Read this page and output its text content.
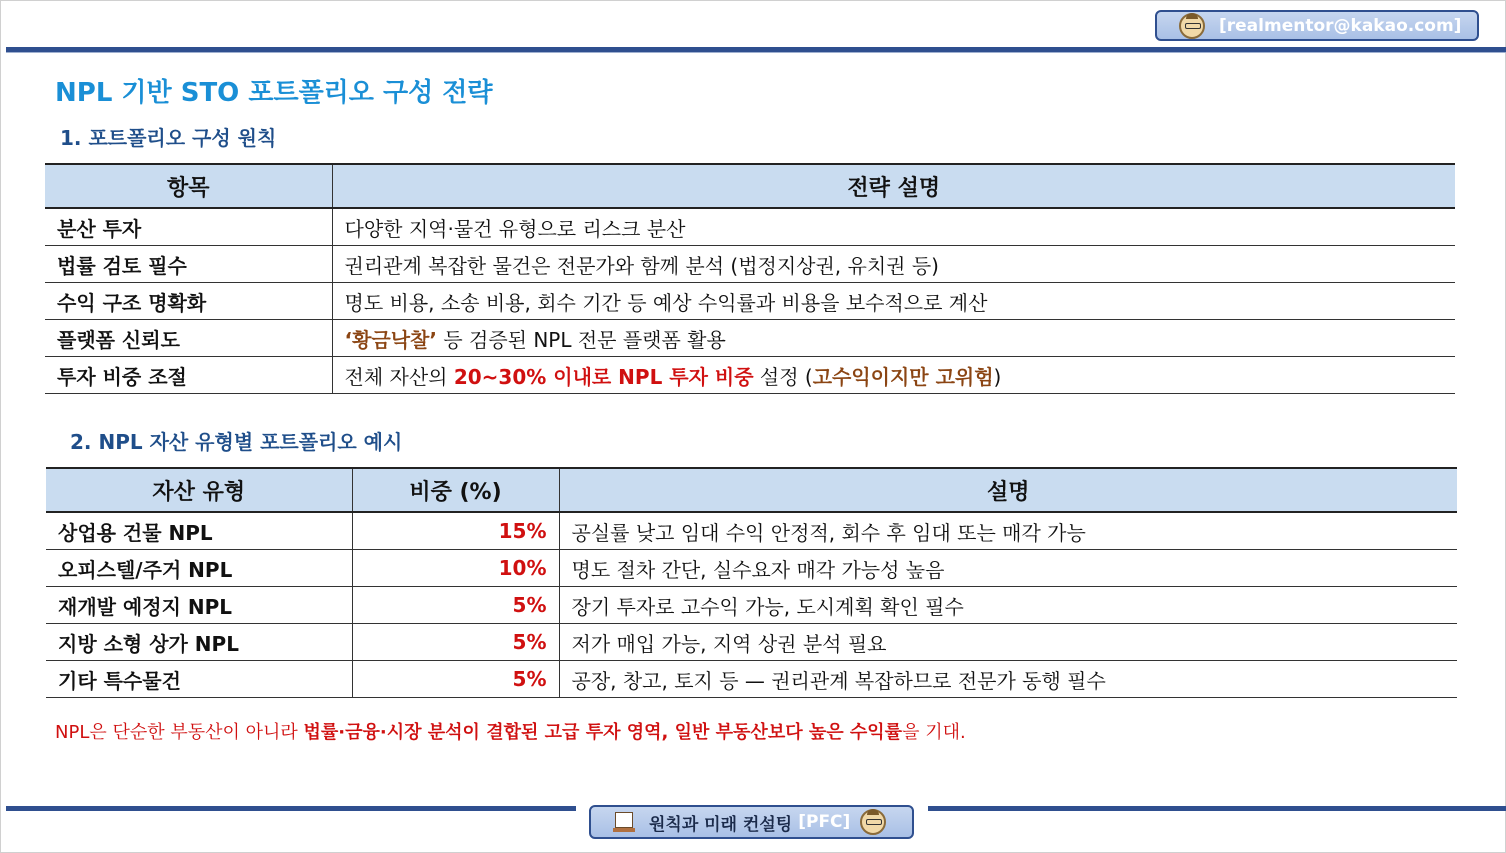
[realmentor@kakao.com]
NPL 기반 STO 포트폴리오 구성 전략
1. 포트폴리오 구성 원칙
항목	전략 설명
분산 투자	다양한 지역·물건 유형으로 리스크 분산
법률 검토 필수	권리관계 복잡한 물건은 전문가와 함께 분석 (법정지상권, 유치권 등)
수익 구조 명확화	명도 비용, 소송 비용, 회수 기간 등 예상 수익률과 비용을 보수적으로 계산
플랫폼 신뢰도	‘황금낙찰’ 등 검증된 NPL 전문 플랫폼 활용
투자 비중 조절	전체 자산의 20~30% 이내로 NPL 투자 비중 설정 (고수익이지만 고위험)
2. NPL 자산 유형별 포트폴리오 예시
자산 유형	비중 (%)	설명
상업용 건물 NPL	15%	공실률 낮고 임대 수익 안정적, 회수 후 임대 또는 매각 가능
오피스텔/주거 NPL	10%	명도 절차 간단, 실수요자 매각 가능성 높음
재개발 예정지 NPL	5%	장기 투자로 고수익 가능, 도시계획 확인 필수
지방 소형 상가 NPL	5%	저가 매입 가능, 지역 상권 분석 필요
기타 특수물건	5%	공장, 창고, 토지 등 — 권리관계 복잡하므로 전문가 동행 필수
NPL은 단순한 부동산이 아니라 법률·금융·시장 분석이 결합된 고급 투자 영역, 일반 부동산보다 높은 수익률을 기대.
원칙과 미래 컨설팅 [PFC]
